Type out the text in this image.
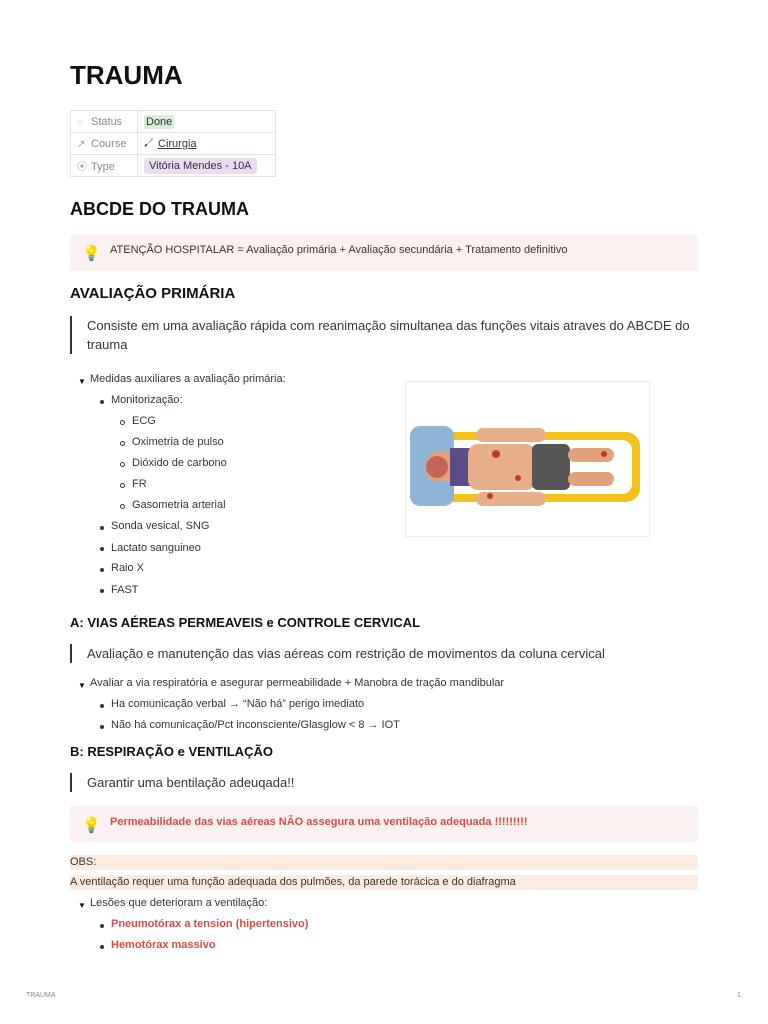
TRAUMA
◌ Status	Done
↗ Course	Cirurgia
⦿ Type	Vitória Mendes - 10A
ABCDE DO TRAUMA
💡 ATENÇÃO HOSPITALAR = Avaliação primária + Avaliação secundária + Tratamento definitivo
AVALIAÇÃO PRIMÁRIA
Consiste em uma avaliação rápida com reanimação simultanea das funções vitais atraves do ABCDE do trauma
▼ Medidas auxiliares a avaliação primária:
Monitorização:
ECG
Oximetria de pulso
Dióxido de carbono
FR
Gasometria arterial
Sonda vesical, SNG
Lactato sanguineo
Raio X
FAST
A: VIAS AÉREAS PERMEAVEIS e CONTROLE CERVICAL
Avaliação e manutenção das vias aéreas com restrição de movimentos da coluna cervical
▼ Avaliar a via respiratória e asegurar permeabilidade + Manobra de tração mandibular
Ha comunicação verbal → “Não há” perigo imediato
Não há comunicação/Pct inconsciente/Glasglow < 8 → IOT
B: RESPIRAÇÃO e VENTILAÇÃO
Garantir uma bentilação adeuqada!!
💡 Permeabilidade das vias aéreas NÃO assegura uma ventilação adequada !!!!!!!!!
OBS:
A ventilação requer uma função adequada dos pulmões, da parede torácica e do diafragma
▼ Lesões que deterioram a ventilação:
Pneumotórax a tension (hipertensivo)
Hemotórax massivo
TRAUMA	1
